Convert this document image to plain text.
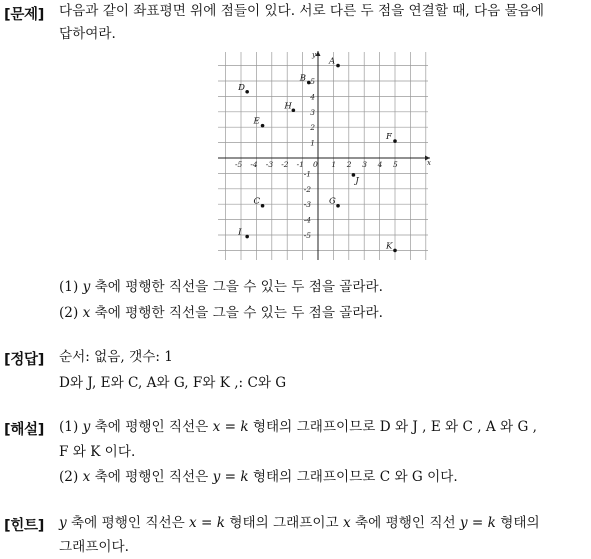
[문제] 다음과 같이 좌표평면 위에 점들이 있다. 서로 다른 두 점을 연결할 때, 다음 물음에
답하여라.
x
y
0
-5 -4 -3 -2 -1	1 2 3 4 5
5
4
3
2
1
-1
-2
-3
-4
-5
A
B
D
H
E
F
J
C	G
I
K
(1) y 축에 평행한 직선을 그을 수 있는 두 점을 골라라.
(2) x 축에 평행한 직선을 그을 수 있는 두 점을 골라라.
[정답] 순서: 없음, 갯수: 1
D와 J, E와 C, A와 G, F와 K ,: C와 G
[해설] (1) y 축에 평행인 직선은 x = k 형태의 그래프이므로 D 와 J , E 와 C , A 와 G ,
F 와 K 이다.
(2) x 축에 평행인 직선은 y = k 형태의 그래프이므로 C 와 G 이다.
[힌트] y 축에 평행인 직선은 x = k 형태의 그래프이고 x 축에 평행인 직선 y = k 형태의
그래프이다.
